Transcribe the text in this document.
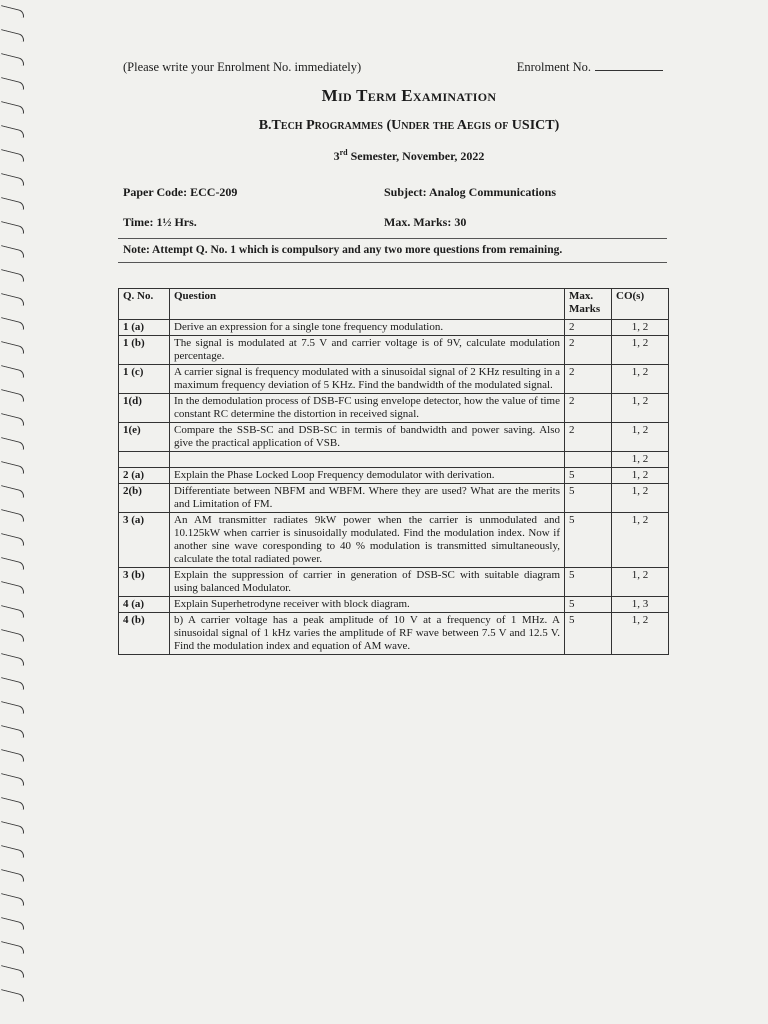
(Please write your Enrolment No. immediately)	Enrolment No.
Mid Term Examination
B.Tech Programmes (Under the Aegis of USICT)
3rd Semester, November, 2022
Paper Code: ECC-209	Subject: Analog Communications
Time: 1½ Hrs.	Max. Marks: 30
Note: Attempt Q. No. 1 which is compulsory and any two more questions from remaining.
Q. No.	Question	Max. Marks	CO(s)
1 (a)	Derive an expression for a single tone frequency modulation.	2	1, 2
1 (b)	The signal is modulated at 7.5 V and carrier voltage is of 9V, calculate modulation percentage.	2	1, 2
1 (c)	A carrier signal is frequency modulated with a sinusoidal signal of 2 KHz resulting in a maximum frequency deviation of 5 KHz. Find the bandwidth of the modulated signal.	2	1, 2
1(d)	In the demodulation process of DSB-FC using envelope detector, how the value of time constant RC determine the distortion in received signal.	2	1, 2
1(e)	Compare the SSB-SC and DSB-SC in termis of bandwidth and power saving. Also give the practical application of VSB.	2	1, 2
			1, 2
2 (a)	Explain the Phase Locked Loop Frequency demodulator with derivation.	5	1, 2
2(b)	Differentiate between NBFM and WBFM. Where they are used? What are the merits and Limitation of FM.	5	1, 2
3 (a)	An AM transmitter radiates 9kW power when the carrier is unmodulated and 10.125kW when carrier is sinusoidally modulated. Find the modulation index. Now if another sine wave coresponding to 40 % modulation is transmitted simultaneously, calculate the total radiated power.	5	1, 2
3 (b)	Explain the suppression of carrier in generation of DSB-SC with suitable diagram using balanced Modulator.	5	1, 2
4 (a)	Explain Superhetrodyne receiver with block diagram.	5	1, 3
4 (b)	b) A carrier voltage has a peak amplitude of 10 V at a frequency of 1 MHz. A sinusoidal signal of 1 kHz varies the amplitude of RF wave between 7.5 V and 12.5 V. Find the modulation index and equation of AM wave.	5	1, 2
